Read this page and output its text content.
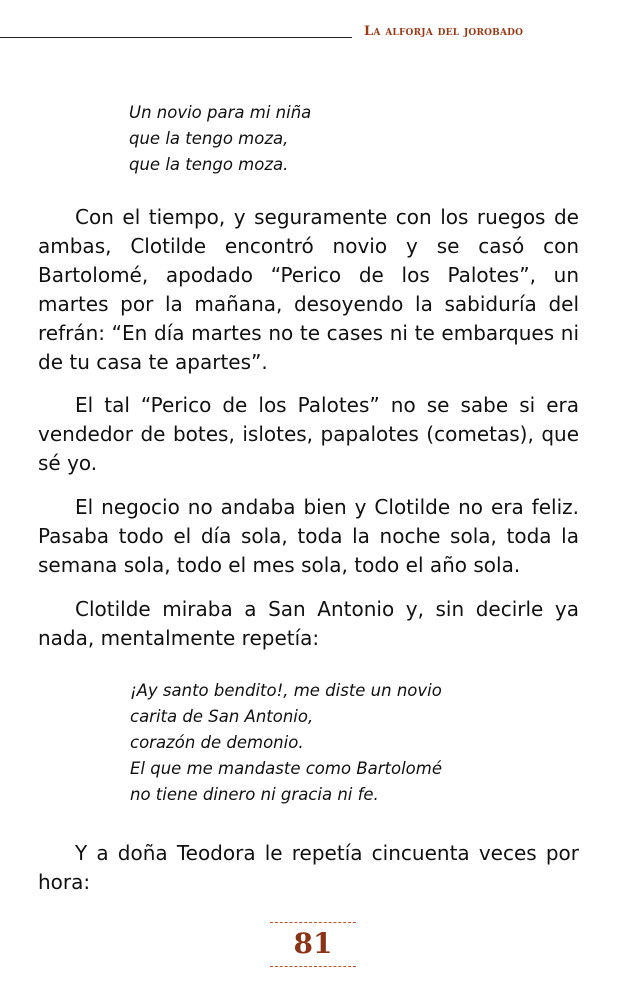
La alforja del jorobado
Un novio para mi niña
que la tengo moza,
que la tengo moza.

Con el tiempo, y seguramente con los ruegos de ambas, Clotilde encontró novio y se casó con Bartolomé, apodado “Perico de los Palotes”, un martes por la mañana, desoyendo la sabiduría del refrán: “En día martes no te cases ni te embarques ni de tu casa te apartes”.

El tal “Perico de los Palotes” no se sabe si era vendedor de botes, islotes, papalotes (cometas), que sé yo.

El negocio no andaba bien y Clotilde no era feliz. Pasaba todo el día sola, toda la noche sola, toda la semana sola, todo el mes sola, todo el año sola.

Clotilde miraba a San Antonio y, sin decirle ya nada, mentalmente repetía:

¡Ay santo bendito!, me diste un novio
carita de San Antonio,
corazón de demonio.
El que me mandaste como Bartolomé
no tiene dinero ni gracia ni fe.

Y a doña Teodora le repetía cincuenta veces por hora:

81
